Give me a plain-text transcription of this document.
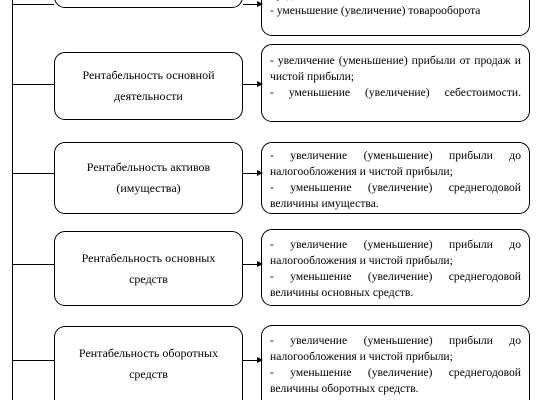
- уменьшение (увеличение) товарооборота
Рентабельность основной деятельности
- увеличение (уменьшение) прибыли от продаж и чистой прибыли;
- уменьшение (увеличение) себестоимости.
Рентабельность активов (имущества)
- увеличение (уменьшение) прибыли до налогообложения и чистой прибыли;
- уменьшение (увеличение) среднегодовой величины имущества.
Рентабельность основных средств
- увеличение (уменьшение) прибыли до налогообложения и чистой прибыли;
- уменьшение (увеличение) среднегодовой величины основных средств.
Рентабельность оборотных средств
- увеличение (уменьшение) прибыли до налогообложения и чистой прибыли;
- уменьшение (увеличение) среднегодовой величины оборотных средств.
